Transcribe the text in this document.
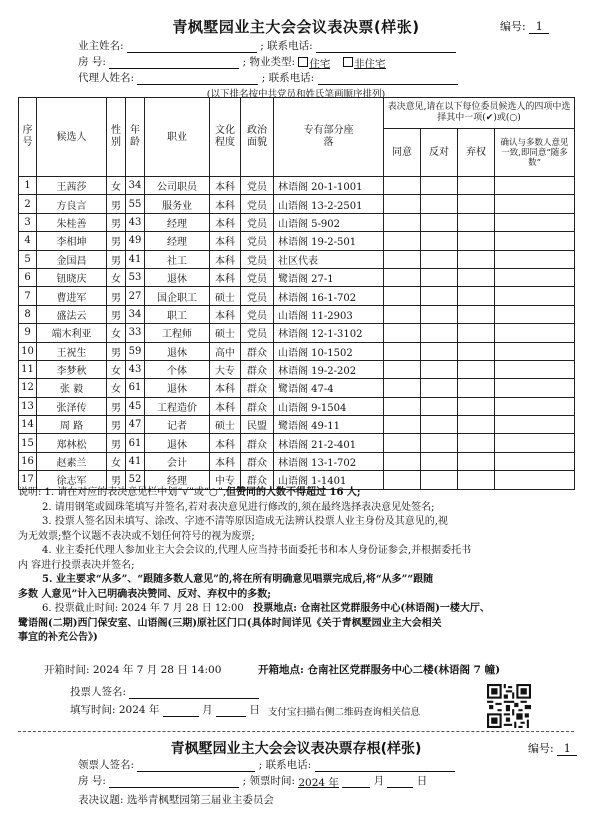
青枫墅园业主大会会议表决票(样张)	编号: 1
业主姓名:	; 联系电话:
房 号:	; 物业类型: 住宅 非住宅
代理人姓名:	; 联系电话:
(以下排名按中共党员和姓氏笔画顺序排列)
序号	候选人	性别	年龄	职业	文化程度	政治面貌	专有部分座落	表决意见,请在以下每位委员候选人的四项中选择其中一项(✔)或(○)			

								同意	反对	弃权	确认与多数人意见一致,即同意“随多数”

1	王茜莎	女	34	公司职员	本科	党员	林语阁 20-1-1001				
2	方良言	男	55	服务业	本科	党员	山语阁 13-2-2501				
3	朱桂善	男	43	经理	本科	党员	山语阁 5-902				
4	李相坤	男	49	经理	本科	党员	林语阁 19-2-501				
5	金国昌	男	41	社工	本科	党员	社区代表				
6	钮晓庆	女	53	退休	本科	党员	鹭语阁 27-1				
7	曹进军	男	27	国企职工	硕士	党员	林语阁 16-1-702				
8	盛法云	男	34	职工	本科	党员	山语阁 11-2903				
9	端木利亚	女	33	工程师	硕士	党员	林语阁 12-1-3102				
10	王祝生	男	59	退休	高中	群众	山语阁 10-1502				
11	李梦秋	女	43	个体	大专	群众	林语阁 19-2-202				
12	张 毅	女	61	退休	本科	群众	鹭语阁 47-4				
13	张泽传	男	45	工程造价	本科	群众	山语阁 9-1504				
14	周 路	男	47	记者	硕士	民盟	鹭语阁 49-11				
15	郑林松	男	61	退休	本科	群众	林语阁 21-2-401				
16	赵素兰	女	41	会计	本科	群众	林语阁 13-1-702				
17	徐志军	男	52	经理	中专	群众	山语阁 1-1401				
说明: 1. 请在对应的表决意见栏中划“√”或“○”,但赞同的人数不得超过 16 人;
2. 请用钢笔或圆珠笔填写并签名,若对表决意见进行修改的,须在最终选择表决意见处签名;
3. 投票人签名因未填写、涂改、字迹不清等原因造成无法辨认投票人业主身份及其意见的,视
为无效票;整个议题不表决或不划任何符号的视为废票;
4. 业主委托代理人参加业主大会会议的,代理人应当持书面委托书和本人身份证参会,并根据委托书
内 容进行投票表决并签名;
5. 业主要求“从多”、“跟随多数人意见”的,将在所有明确意见唱票完成后,将“从多”“跟随
多数 人意见”计入已明确表决赞同、反对、弃权中的多数;
6. 投票截止时间: 2024 年 7 月 28 日 12:00 投票地点: 仓南社区党群服务中心(林语阁)一楼大厅、
鹭语阁(二期)西门保安室、山语阁(三期)原社区门口(具体时间详见《关于青枫墅园业主大会相关
事宜的补充公告》)
开箱时间: 2024 年 7 月 28 日 14:00	开箱地点: 仓南社区党群服务中心二楼(林语阁 7 幢)
投票人签名:
填写时间: 2024 年	月	日 支付宝扫描右侧二维码查询相关信息
青枫墅园业主大会会议表决票存根(样张)	编号: 1
领票人签名:	; 联系电话:
房 号:	; 领票时间: 2024 年	月	日
表决议题: 选举青枫墅园第三届业主委员会
